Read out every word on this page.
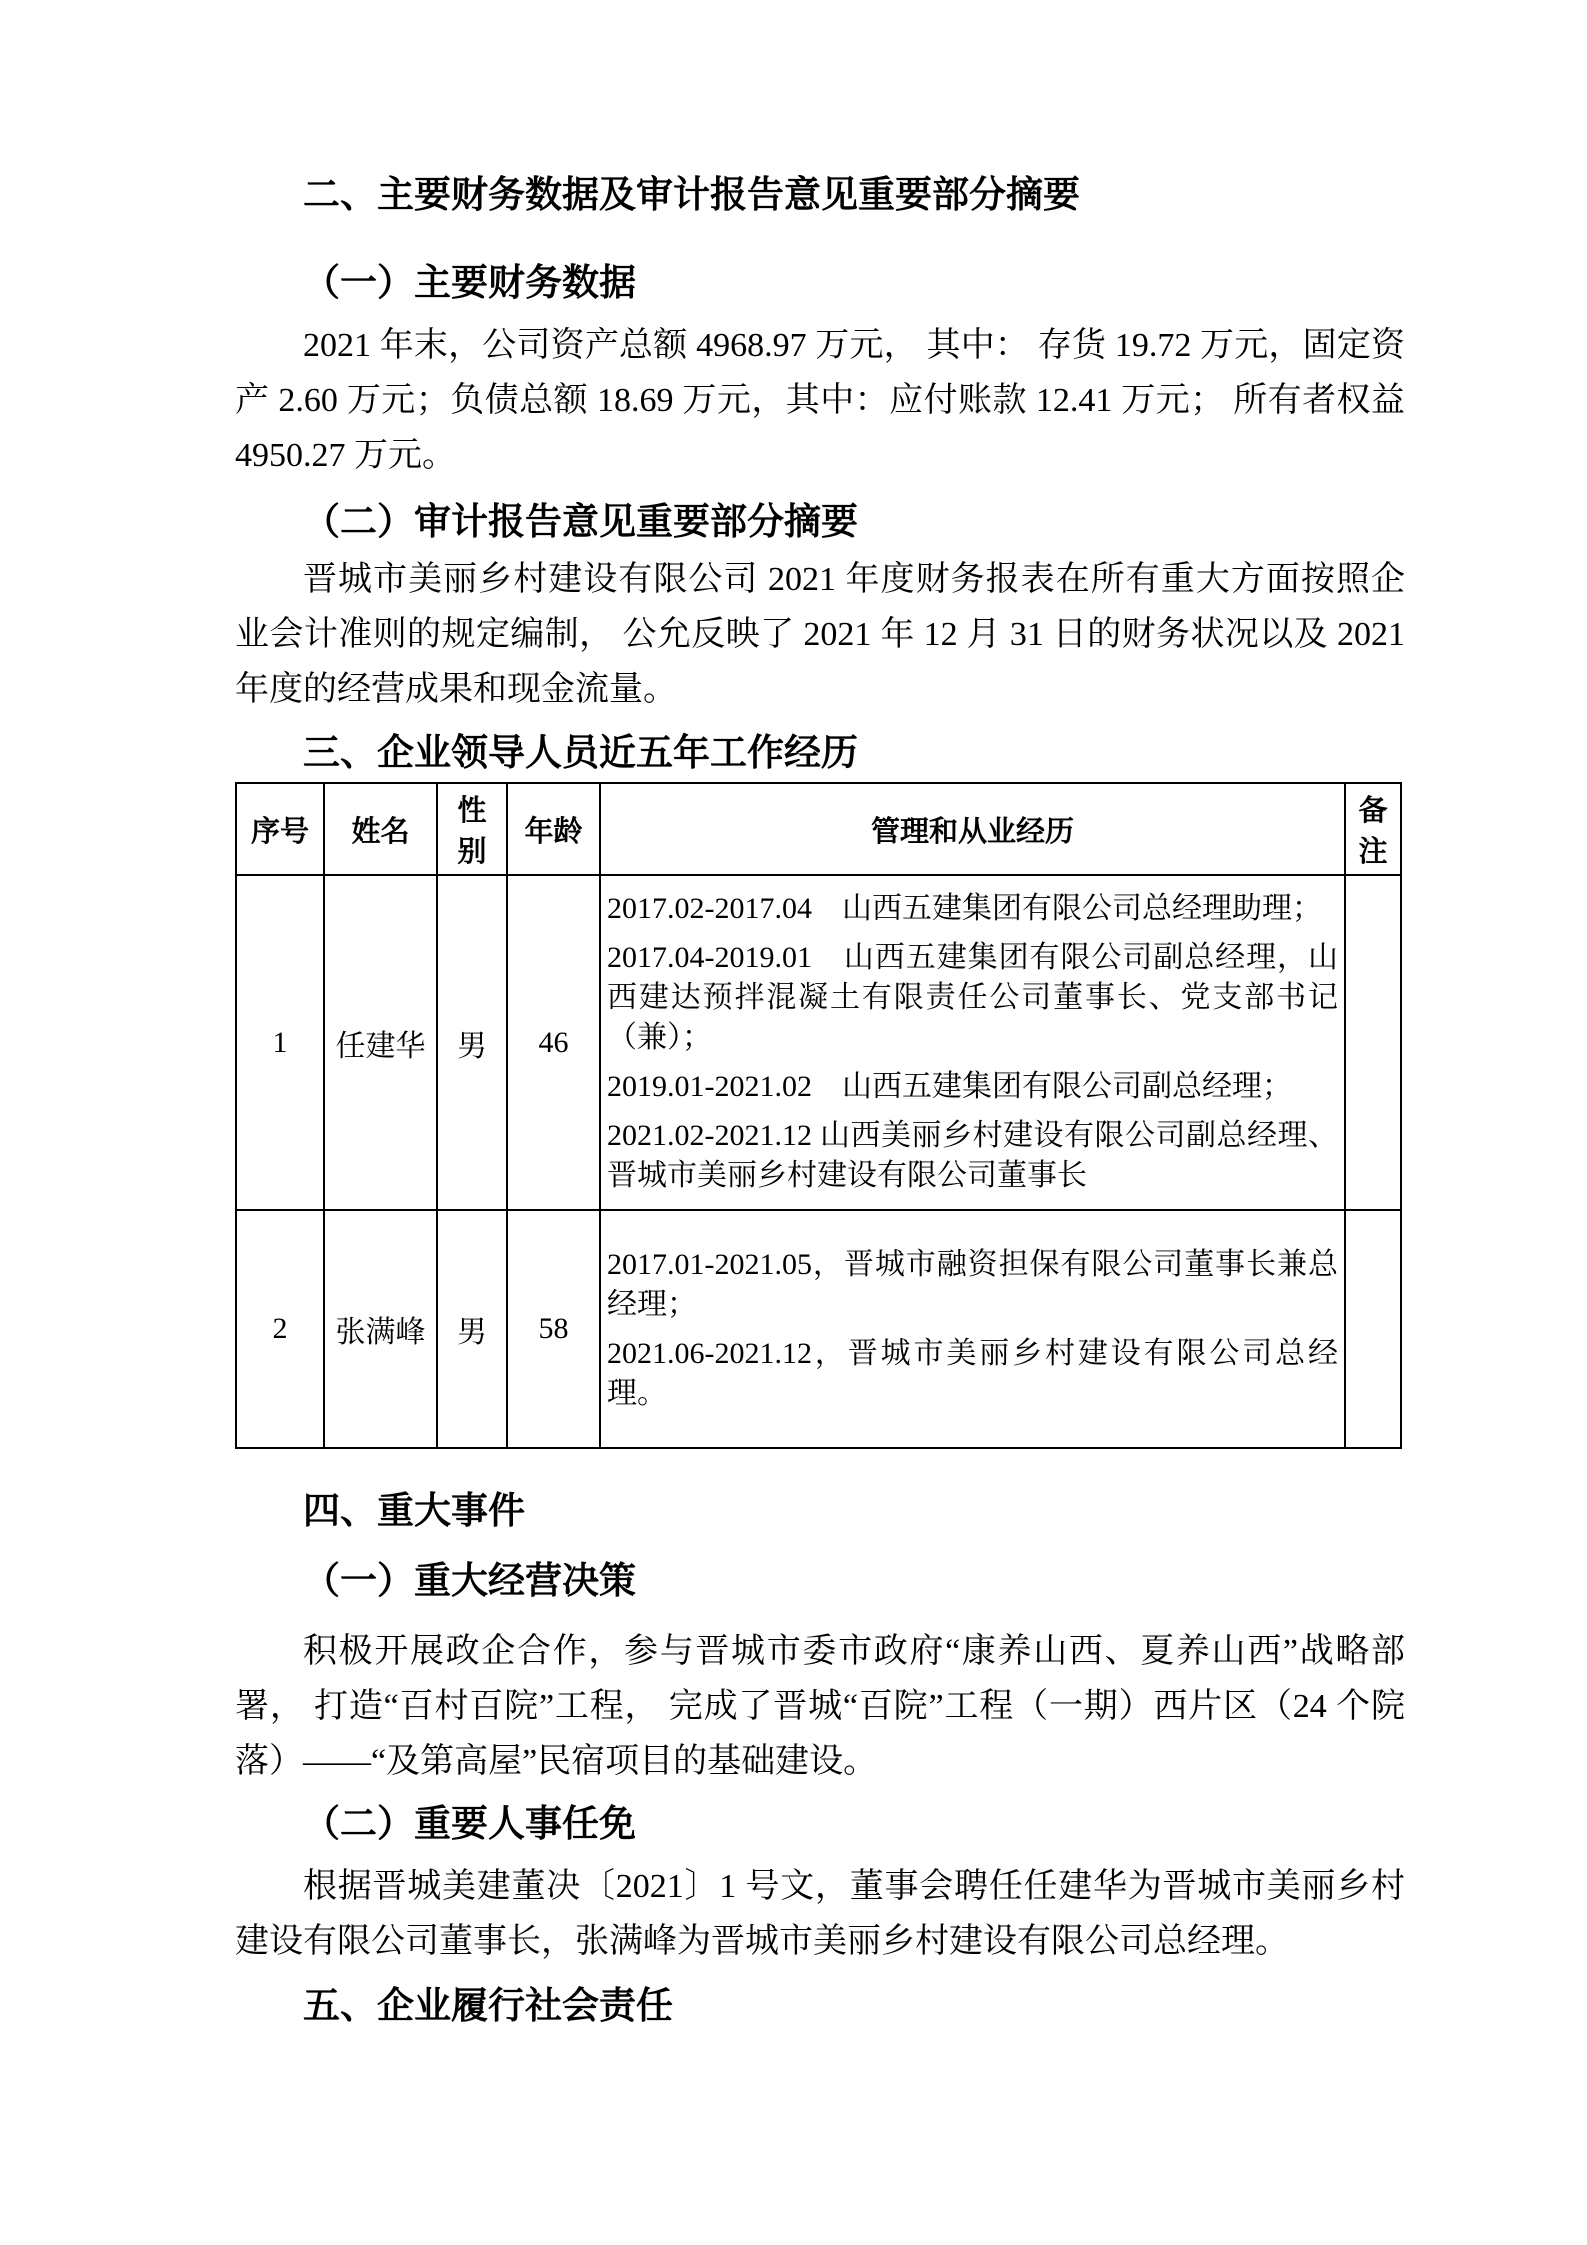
二、主要财务数据及审计报告意见重要部分摘要
（一）主要财务数据

2021 年末，公司资产总额 4968.97 万元， 其中： 存货 19.72 万元，固定资产 2.60 万元；负债总额 18.69 万元，其中：应付账款 12.41 万元； 所有者权益 4950.27 万元。

（二）审计报告意见重要部分摘要

晋城市美丽乡村建设有限公司 2021 年度财务报表在所有重大方面按照企业会计准则的规定编制， 公允反映了 2021 年 12 月 31 日的财务状况以及 2021 年度的经营成果和现金流量。

三、企业领导人员近五年工作经历
序号	姓名	性别	年龄	管理和从业经历	备注
1	任建华	男	46	2017.02-2017.04　山西五建集团有限公司总经理助理；

2017.04-2019.01　山西五建集团有限公司副总经理，山西建达预拌混凝土有限责任公司董事长、党支部书记（兼）；

2019.01-2021.02　山西五建集团有限公司副总经理；

2021.02-2021.12 山西美丽乡村建设有限公司副总经理、晋城市美丽乡村建设有限公司董事长	

2	张满峰	男	58	2017.01-2021.05，晋城市融资担保有限公司董事长兼总经理；

2021.06-2021.12，晋城市美丽乡村建设有限公司总经理。	

四、重大事件
（一）重大经营决策

积极开展政企合作，参与晋城市委市政府“康养山西、夏养山西”战略部署， 打造“百村百院”工程， 完成了晋城“百院”工程（一期）西片区（24 个院落）——“及第高屋”民宿项目的基础建设。

（二）重要人事任免

根据晋城美建董决〔2021〕1 号文，董事会聘任任建华为晋城市美丽乡村建设有限公司董事长，张满峰为晋城市美丽乡村建设有限公司总经理。

五、企业履行社会责任
